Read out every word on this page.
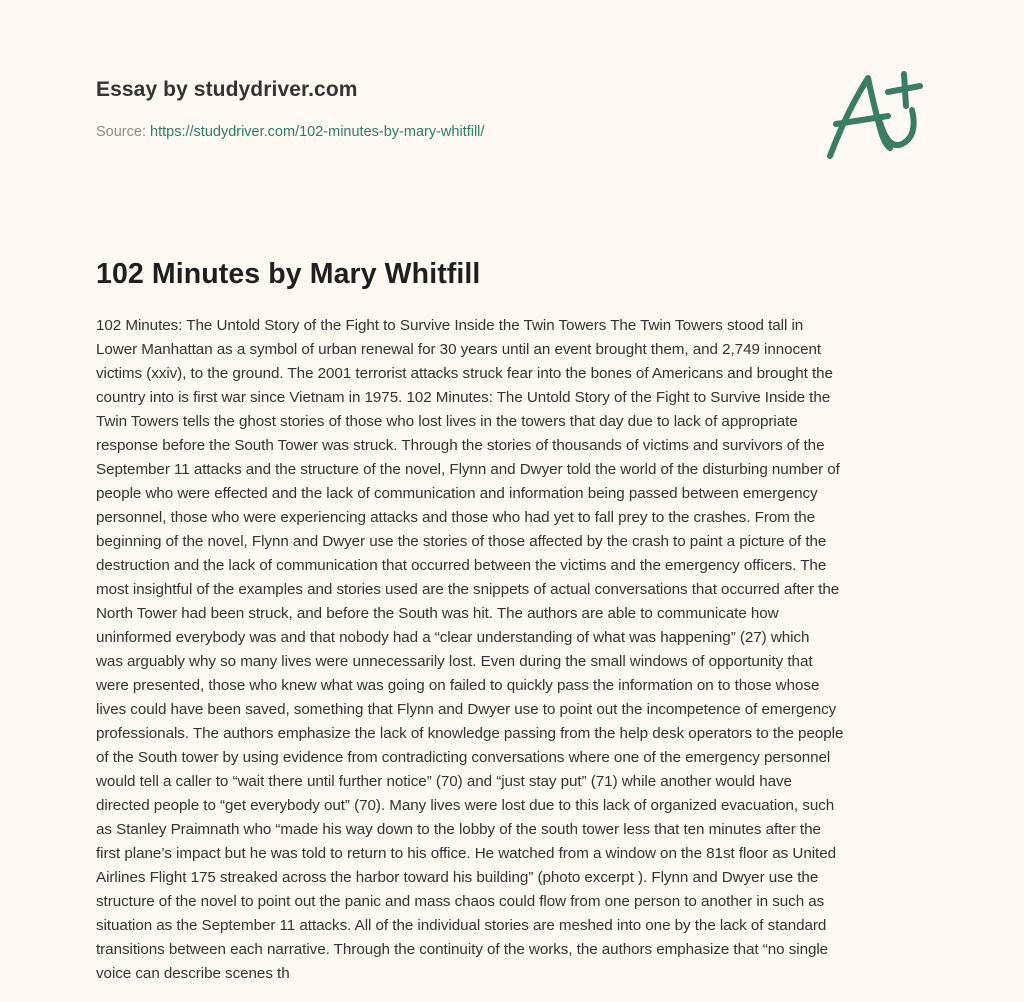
Essay by studydriver.com
Source: https://studydriver.com/102-minutes-by-mary-whitfill/
102 Minutes by Mary Whitfill
102 Minutes: The Untold Story of the Fight to Survive Inside the Twin Towers The Twin Towers stood tall in
Lower Manhattan as a symbol of urban renewal for 30 years until an event brought them, and 2,749 innocent
victims (xxiv), to the ground. The 2001 terrorist attacks struck fear into the bones of Americans and brought the
country into is first war since Vietnam in 1975. 102 Minutes: The Untold Story of the Fight to Survive Inside the
Twin Towers tells the ghost stories of those who lost lives in the towers that day due to lack of appropriate
response before the South Tower was struck. Through the stories of thousands of victims and survivors of the
September 11 attacks and the structure of the novel, Flynn and Dwyer told the world of the disturbing number of
people who were effected and the lack of communication and information being passed between emergency
personnel, those who were experiencing attacks and those who had yet to fall prey to the crashes. From the
beginning of the novel, Flynn and Dwyer use the stories of those affected by the crash to paint a picture of the
destruction and the lack of communication that occurred between the victims and the emergency officers. The
most insightful of the examples and stories used are the snippets of actual conversations that occurred after the
North Tower had been struck, and before the South was hit. The authors are able to communicate how
uninformed everybody was and that nobody had a “clear understanding of what was happening” (27) which
was arguably why so many lives were unnecessarily lost. Even during the small windows of opportunity that
were presented, those who knew what was going on failed to quickly pass the information on to those whose
lives could have been saved, something that Flynn and Dwyer use to point out the incompetence of emergency
professionals. The authors emphasize the lack of knowledge passing from the help desk operators to the people
of the South tower by using evidence from contradicting conversations where one of the emergency personnel
would tell a caller to “wait there until further notice” (70) and “just stay put” (71) while another would have
directed people to “get everybody out” (70). Many lives were lost due to this lack of organized evacuation, such
as Stanley Praimnath who “made his way down to the lobby of the south tower less that ten minutes after the
first plane’s impact but he was told to return to his office. He watched from a window on the 81st floor as United
Airlines Flight 175 streaked across the harbor toward his building” (photo excerpt ). Flynn and Dwyer use the
structure of the novel to point out the panic and mass chaos could flow from one person to another in such as
situation as the September 11 attacks. All of the individual stories are meshed into one by the lack of standard
transitions between each narrative. Through the continuity of the works, the authors emphasize that “no single
voice can describe scenes th
